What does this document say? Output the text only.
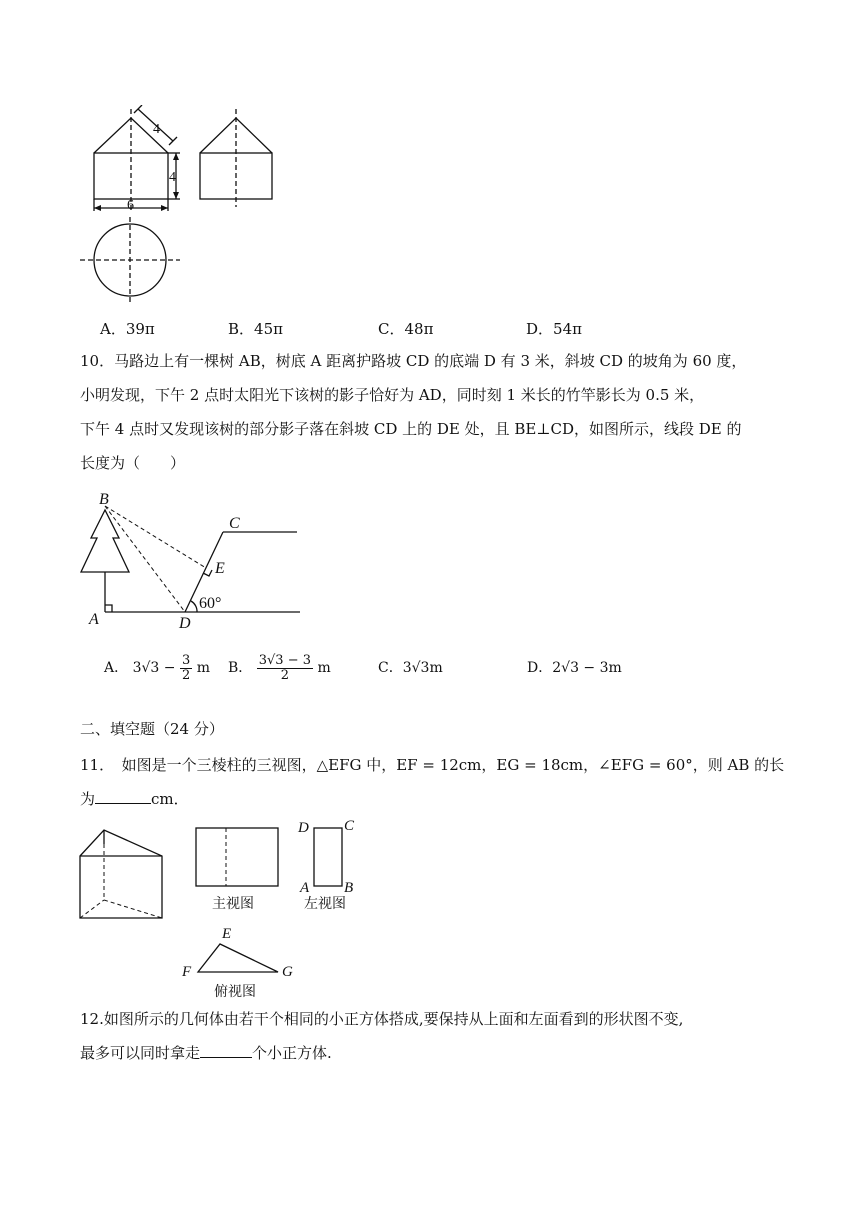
4
4
6
A．39π	B．45π	C．48π	D．54π
10．马路边上有一棵树 AB，树底 A 距离护路坡 CD 的底端 D 有 3 米，斜坡 CD 的坡角为 60 度，
小明发现，下午 2 点时太阳光下该树的影子恰好为 AD，同时刻 1 米长的竹竿影长为 0.5 米，
下午 4 点时又发现该树的部分影子落在斜坡 CD 上的 DE 处，且 BE⊥CD，如图所示，线段 DE 的
长度为（　　）
B
C
E
A	D
60°
A． $3√3 - \frac{3}{2}$ m B． $\frac{3√3 - 3}{2}$ m	C．3√3m	D．2√3 − 3m
二、填空题（24 分）
11．　如图是一个三棱柱的三视图，△EFG 中，EF = 12cm，EG = 18cm，∠EFG = 60°，则 AB 的长
为	cm．
D C
A B
E
F	G
主视图	左视图
俯视图
12.如图所示的几何体由若干个相同的小正方体搭成,要保持从上面和左面看到的形状图不变,
最多可以同时拿走	个小正方体.
